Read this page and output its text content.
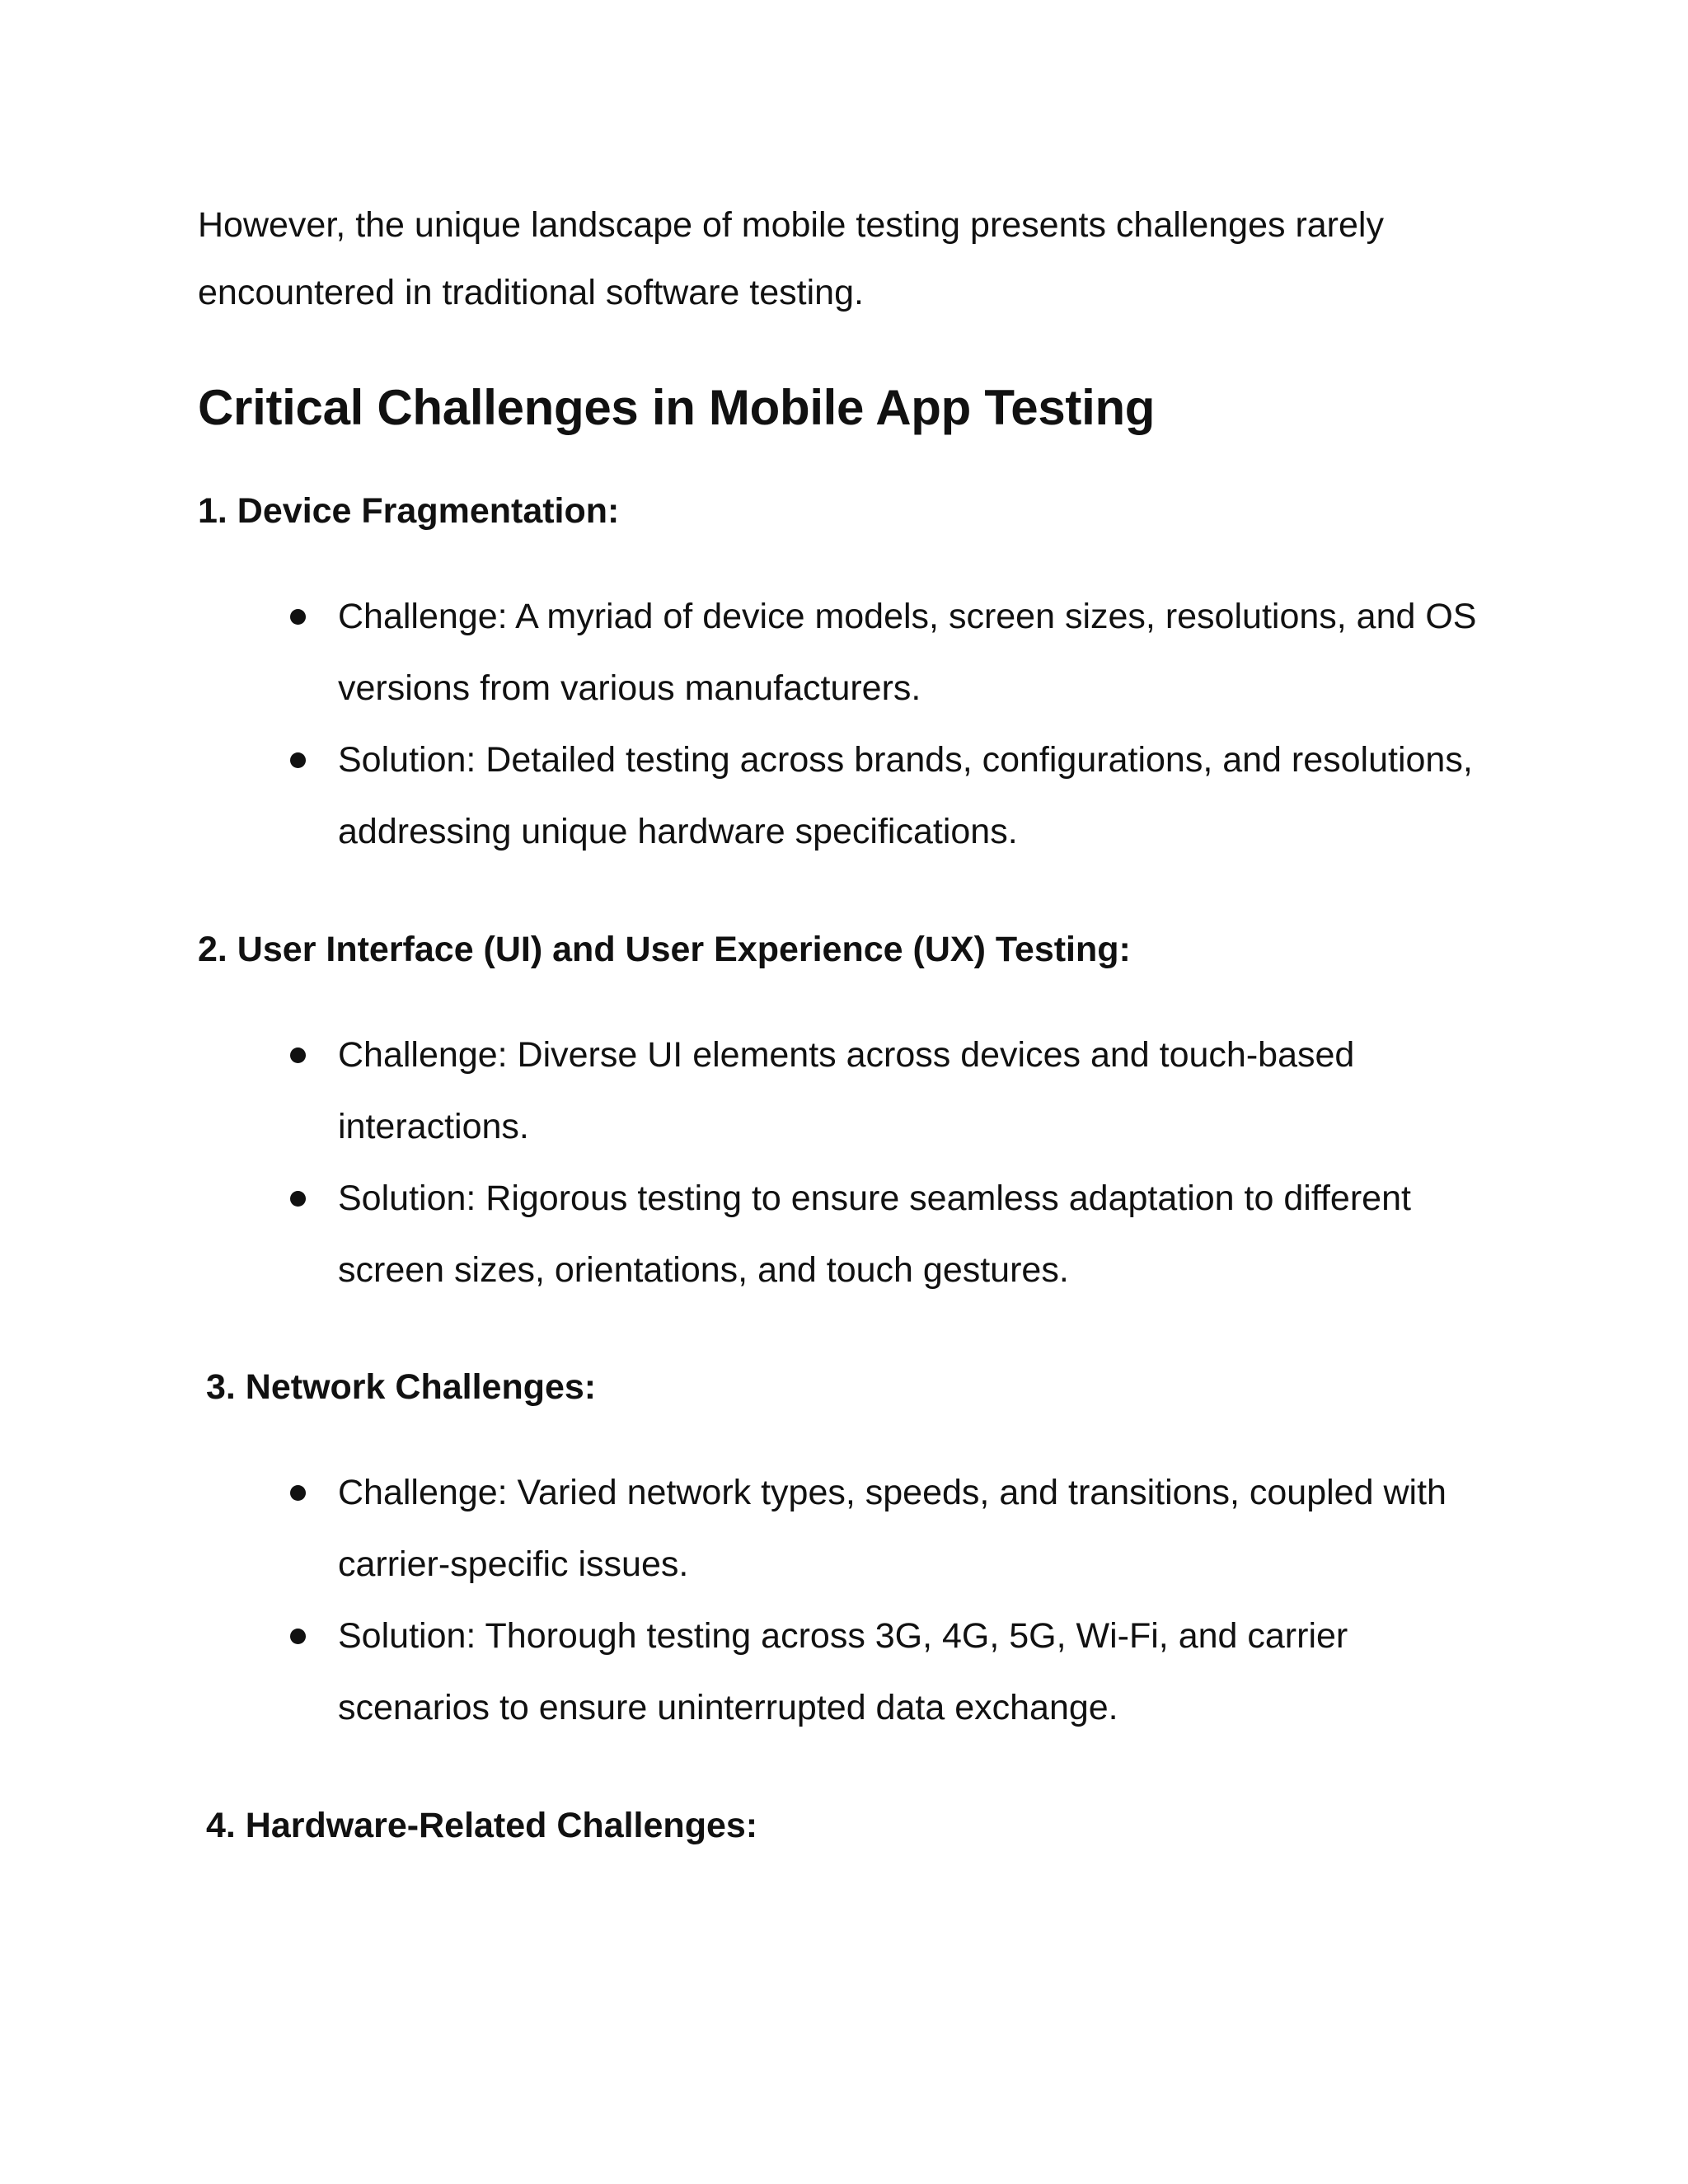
However, the unique landscape of mobile testing presents challenges rarely encountered in traditional software testing.

Critical Challenges in Mobile App Testing
1. Device Fragmentation:
Challenge: A myriad of device models, screen sizes, resolutions, and OS versions from various manufacturers.
Solution: Detailed testing across brands, configurations, and resolutions, addressing unique hardware specifications.
2. User Interface (UI) and User Experience (UX) Testing:
Challenge: Diverse UI elements across devices and touch-based interactions.
Solution: Rigorous testing to ensure seamless adaptation to different screen sizes, orientations, and touch gestures.
3. Network Challenges:
Challenge: Varied network types, speeds, and transitions, coupled with carrier-specific issues.
Solution: Thorough testing across 3G, 4G, 5G, Wi-Fi, and carrier scenarios to ensure uninterrupted data exchange.
4. Hardware-Related Challenges:
